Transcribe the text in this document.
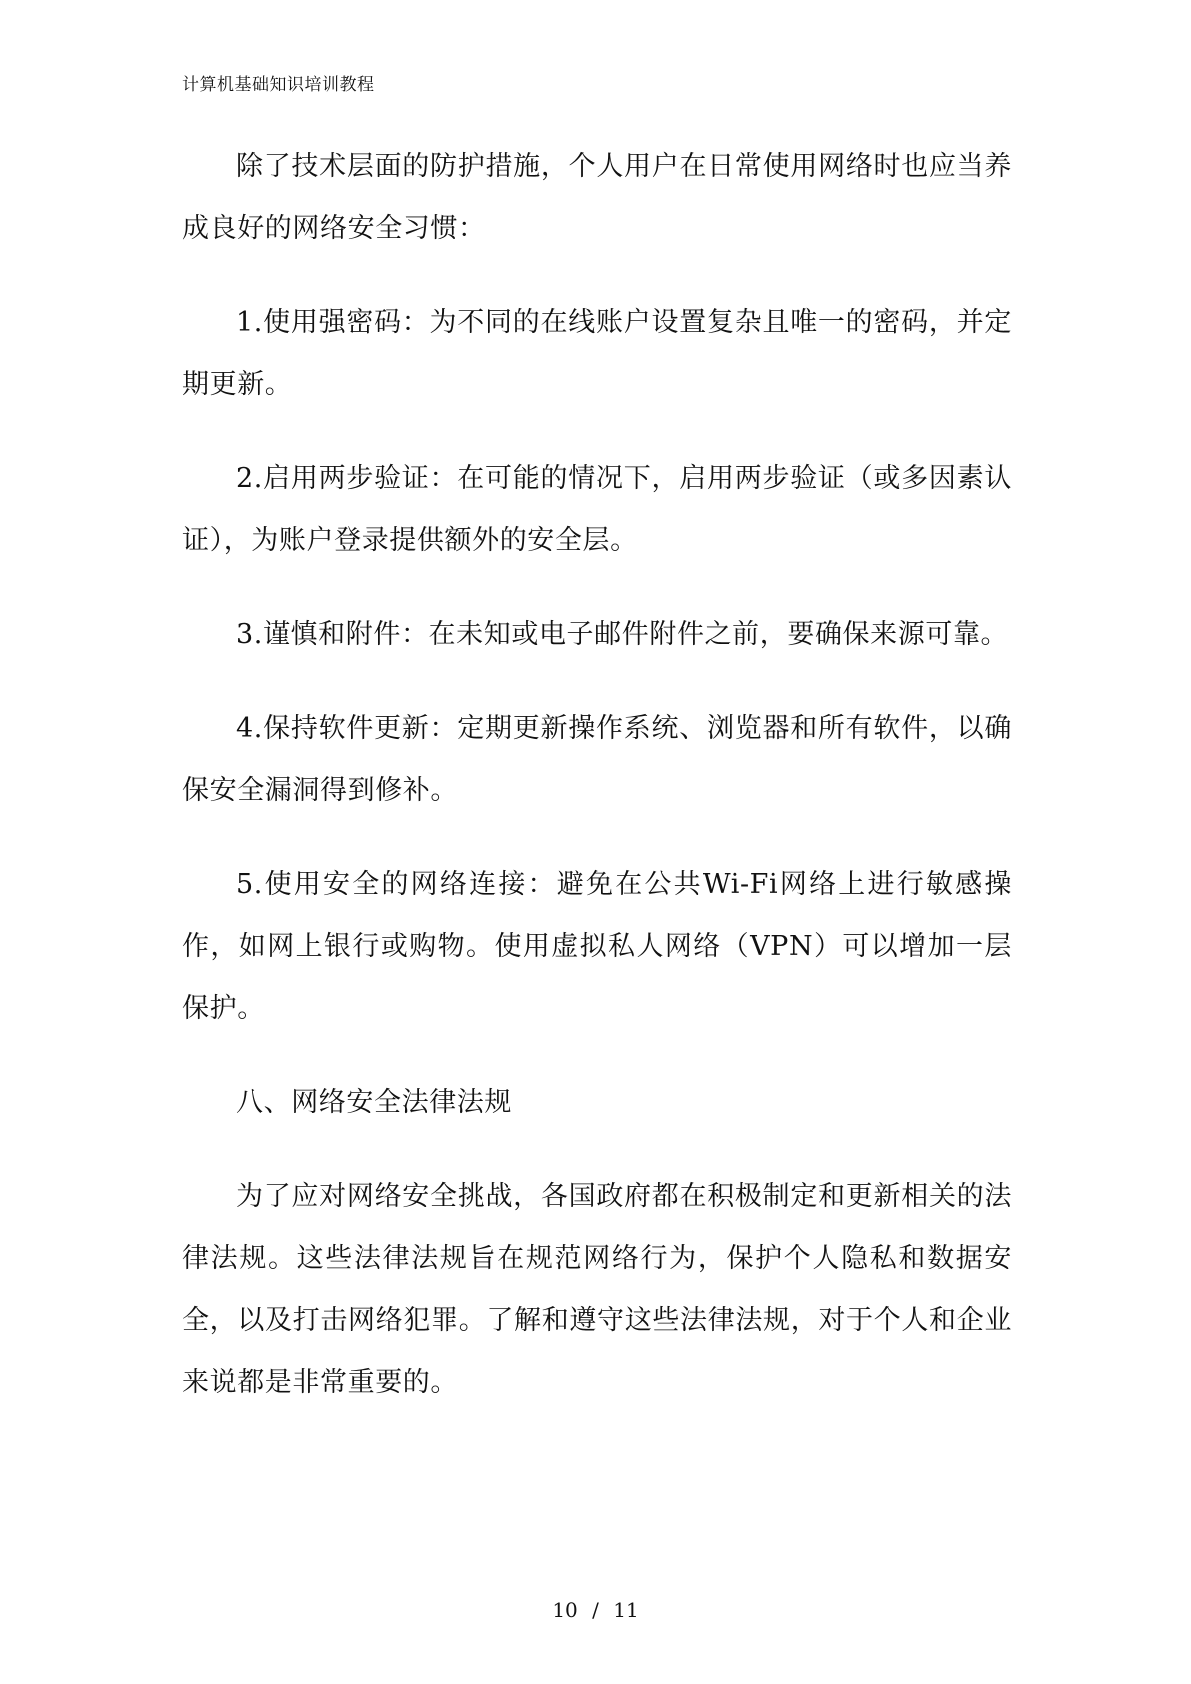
计算机基础知识培训教程

除了技术层面的防护措施，个人用户在日常使用网络时也应当养成良好的网络安全习惯：

1.使用强密码：为不同的在线账户设置复杂且唯一的密码，并定期更新。

2.启用两步验证：在可能的情况下，启用两步验证（或多因素认证），为账户登录提供额外的安全层。

3.谨慎和附件：在未知或电子邮件附件之前，要确保来源可靠。

4.保持软件更新：定期更新操作系统、浏览器和所有软件，以确保安全漏洞得到修补。

5.使用安全的网络连接：避免在公共Wi-Fi网络上进行敏感操作，如网上银行或购物。使用虚拟私人网络（VPN）可以增加一层保护。

八、网络安全法律法规

为了应对网络安全挑战，各国政府都在积极制定和更新相关的法律法规。这些法律法规旨在规范网络行为，保护个人隐私和数据安全，以及打击网络犯罪。了解和遵守这些法律法规，对于个人和企业来说都是非常重要的。

10 / 11
